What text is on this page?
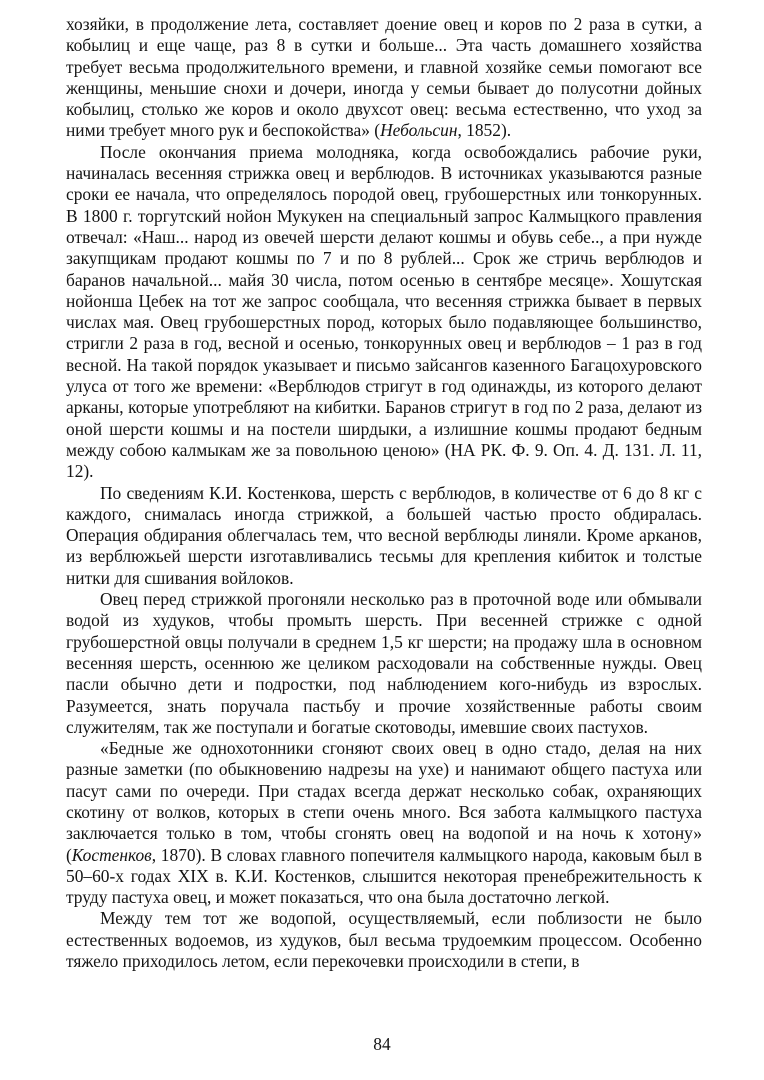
хозяйки, в продолжение лета, составляет доение овец и коров по 2 раза в сутки, а кобылиц и еще чаще, раз 8 в сутки и больше... Эта часть домашнего хозяйства требует весьма продолжительного времени, и главной хозяйке семьи помогают все женщины, меньшие снохи и дочери, иногда у семьи бывает до полусотни дойных кобылиц, столько же коров и около двухсот овец: весьма естественно, что уход за ними требует много рук и беспокойства» (Небольсин, 1852).

После окончания приема молодняка, когда освобождались рабочие руки, начиналась весенняя стрижка овец и верблюдов. В источниках указываются разные сроки ее начала, что определялось породой овец, грубошерстных или тонкорунных. В 1800 г. торгутский нойон Мукукен на специальный запрос Калмыцкого правления отвечал: «Наш... народ из овечей шерсти делают кошмы и обувь себе.., а при нужде закупщикам продают кошмы по 7 и по 8 рублей... Срок же стричь верблюдов и баранов начальной... майя 30 числа, потом осенью в сентябре месяце». Хошутская нойонша Цебек на тот же запрос сообщала, что весенняя стрижка бывает в первых числах мая. Овец грубошерстных пород, которых было подавляющее большинство, стригли 2 раза в год, весной и осенью, тонкорунных овец и верблюдов – 1 раз в год весной. На такой порядок указывает и письмо зайсангов казенного Багацохуровского улуса от того же времени: «Верблюдов стригут в год одинажды, из которого делают арканы, которые употребляют на кибитки. Баранов стригут в год по 2 раза, делают из оной шерсти кошмы и на постели ширдыки, а излишние кошмы продают бедным между собою калмыкам же за повольною ценою» (НА РК. Ф. 9. Оп. 4. Д. 131. Л. 11, 12).

По сведениям К.И. Костенкова, шерсть с верблюдов, в количестве от 6 до 8 кг с каждого, снималась иногда стрижкой, а большей частью просто обдиралась. Операция обдирания облегчалась тем, что весной верблюды линяли. Кроме арканов, из верблюжьей шерсти изготавливались тесьмы для крепления кибиток и толстые нитки для сшивания войлоков.

Овец перед стрижкой прогоняли несколько раз в проточной воде или обмывали водой из худуков, чтобы промыть шерсть. При весенней стрижке с одной грубошерстной овцы получали в среднем 1,5 кг шерсти; на продажу шла в основном весенняя шерсть, осеннюю же целиком расходовали на собственные нужды. Овец пасли обычно дети и подростки, под наблюдением кого-нибудь из взрослых. Разумеется, знать поручала пастьбу и прочие хозяйственные работы своим служителям, так же поступали и богатые скотоводы, имевшие своих пастухов.

«Бедные же однохотонники сгоняют своих овец в одно стадо, делая на них разные заметки (по обыкновению надрезы на ухе) и нанимают общего пастуха или пасут сами по очереди. При стадах всегда держат несколько собак, охраняющих скотину от волков, которых в степи очень много. Вся забота калмыцкого пастуха заключается только в том, чтобы сгонять овец на водопой и на ночь к хотону» (Костенков, 1870). В словах главного попечителя калмыцкого народа, каковым был в 50–60-х годах XIX в. К.И. Костенков, слышится некоторая пренебрежительность к труду пастуха овец, и может показаться, что она была достаточно легкой.

Между тем тот же водопой, осуществляемый, если поблизости не было естественных водоемов, из худуков, был весьма трудоемким процессом. Особенно тяжело приходилось летом, если перекочевки происходили в степи, в

84
